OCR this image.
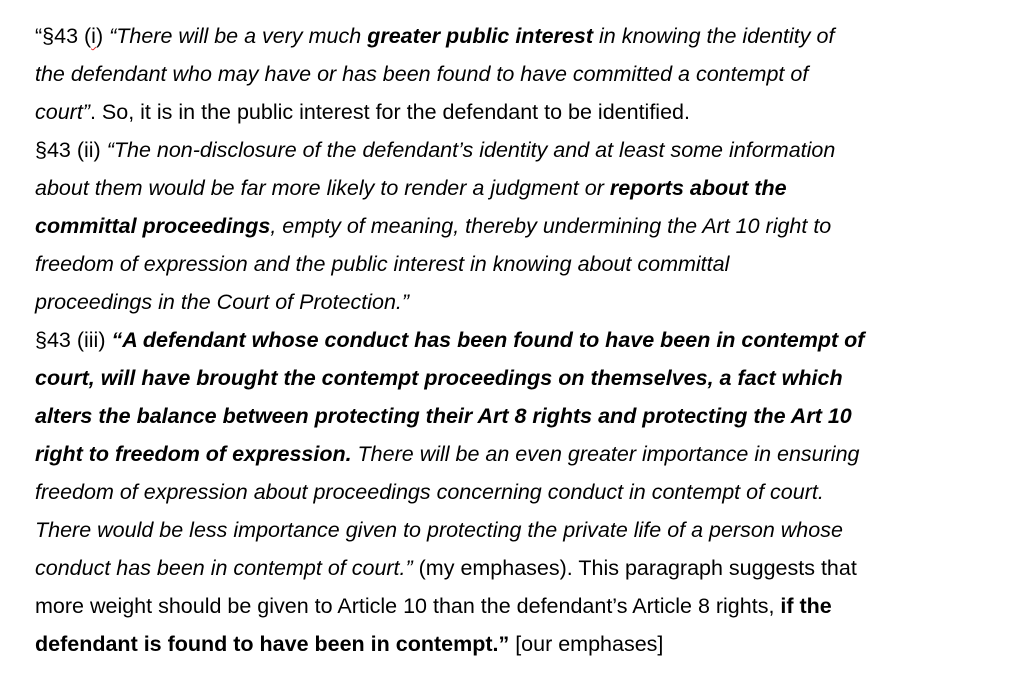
“§43 (i) “There will be a very much greater public interest in knowing the identity of
the defendant who may have or has been found to have committed a contempt of
court”. So, it is in the public interest for the defendant to be identified.
§43 (ii) “The non-disclosure of the defendant’s identity and at least some information
about them would be far more likely to render a judgment or reports about the
committal proceedings, empty of meaning, thereby undermining the Art 10 right to
freedom of expression and the public interest in knowing about committal
proceedings in the Court of Protection.”
§43 (iii) “A defendant whose conduct has been found to have been in contempt of
court, will have brought the contempt proceedings on themselves, a fact which
alters the balance between protecting their Art 8 rights and protecting the Art 10
right to freedom of expression. There will be an even greater importance in ensuring
freedom of expression about proceedings concerning conduct in contempt of court.
There would be less importance given to protecting the private life of a person whose
conduct has been in contempt of court.” (my emphases). This paragraph suggests that
more weight should be given to Article 10 than the defendant’s Article 8 rights, if the
defendant is found to have been in contempt.” [our emphases]
